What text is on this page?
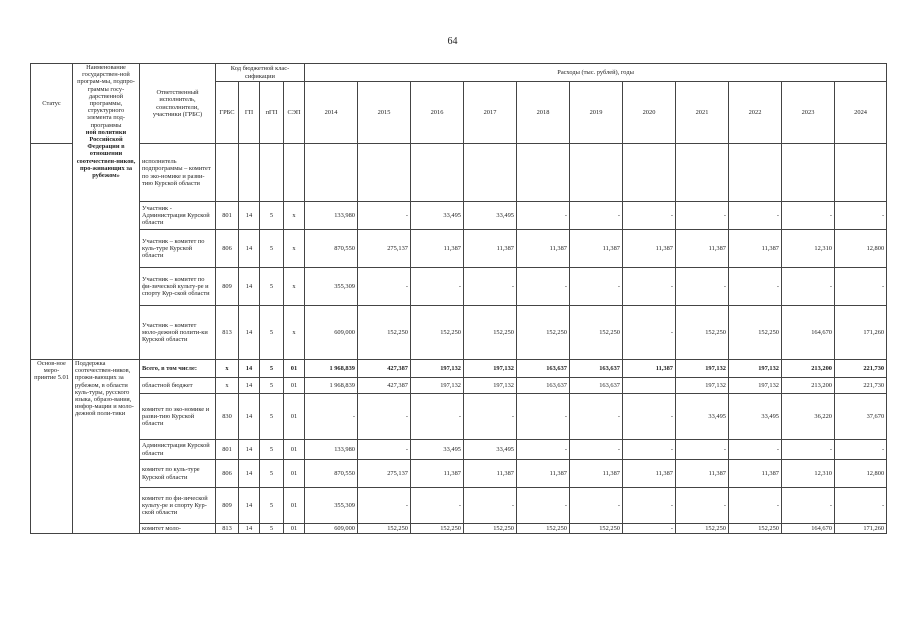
64
Статус	Наименование государствен-ной програм-мы, подпро-граммы госу-дарственной программы, структурного элемента под-программы
ной политики Российской Федерации в отношении соотечествен-ников, про-живающих за рубежом»	Ответственный исполнитель, соисполнители, участники (ГРБС)	Код бюджетной клас-сификации				Расходы (тыс. рублей), годы										
			ГРБС	ГП	пГП	СЭП	2014	2015	2016	2017	2018	2019	2020	2021	2022	2023	2024
		исполнитель подпрограммы – комитет по эко-номике и разви-тию Курской области															
		Участник - Администрация Курской области	801	14	5	х	133,980	-	33,495	33,495	-	-	-	-	-	-	-
		Участник – комитет по куль-туре Курской области	806	14	5	х	870,550	275,137	11,387	11,387	11,387	11,387	11,387	11,387	11,387	12,310	12,800
		Участник – комитет по фи-зической культу-ре и спорту Кур-ской области	809	14	5	х	355,309	-	-	-	-	-	-	-	-	-	-
		Участник – комитет моло-дежной полити-ки Курской области	813	14	5	х	609,000	152,250	152,250	152,250	152,250	152,250	-	152,250	152,250	164,670	171,260
Основ-ное меро-приятие 5.01	Поддержка соотечествен-ников, прожи-вающих за рубежом, в области куль-туры, русского языка, образо-вания, инфор-мации и моло-дежной поли-тики	Всего, в том числе:	х	14	5	01	1 968,839	427,387	197,132	197,132	163,637	163,637	11,387	197,132	197,132	213,200	221,730
		областной бюджет	х	14	5	01	1 968,839	427,387	197,132	197,132	163,637	163,637		197,132	197,132	213,200	221,730
		комитет по эко-номике и разви-тию Курской области	830	14	5	01	-	-	-	-	-	-	-	33,495	33,495	36,220	37,670
		Администрация Курской области	801	14	5	01	133,980	-	33,495	33,495	-	-	-	-	-	-	-
		комитет по куль-туре Курской области	806	14	5	01	870,550	275,137	11,387	11,387	11,387	11,387	11,387	11,387	11,387	12,310	12,800
		комитет по фи-зической культу-ре и спорту Кур-ской области	809	14	5	01	355,309	-	-	-	-	-	-	-	-	-	-
		комитет моло-	813	14	5	01	609,000	152,250	152,250	152,250	152,250	152,250	-	152,250	152,250	164,670	171,260
